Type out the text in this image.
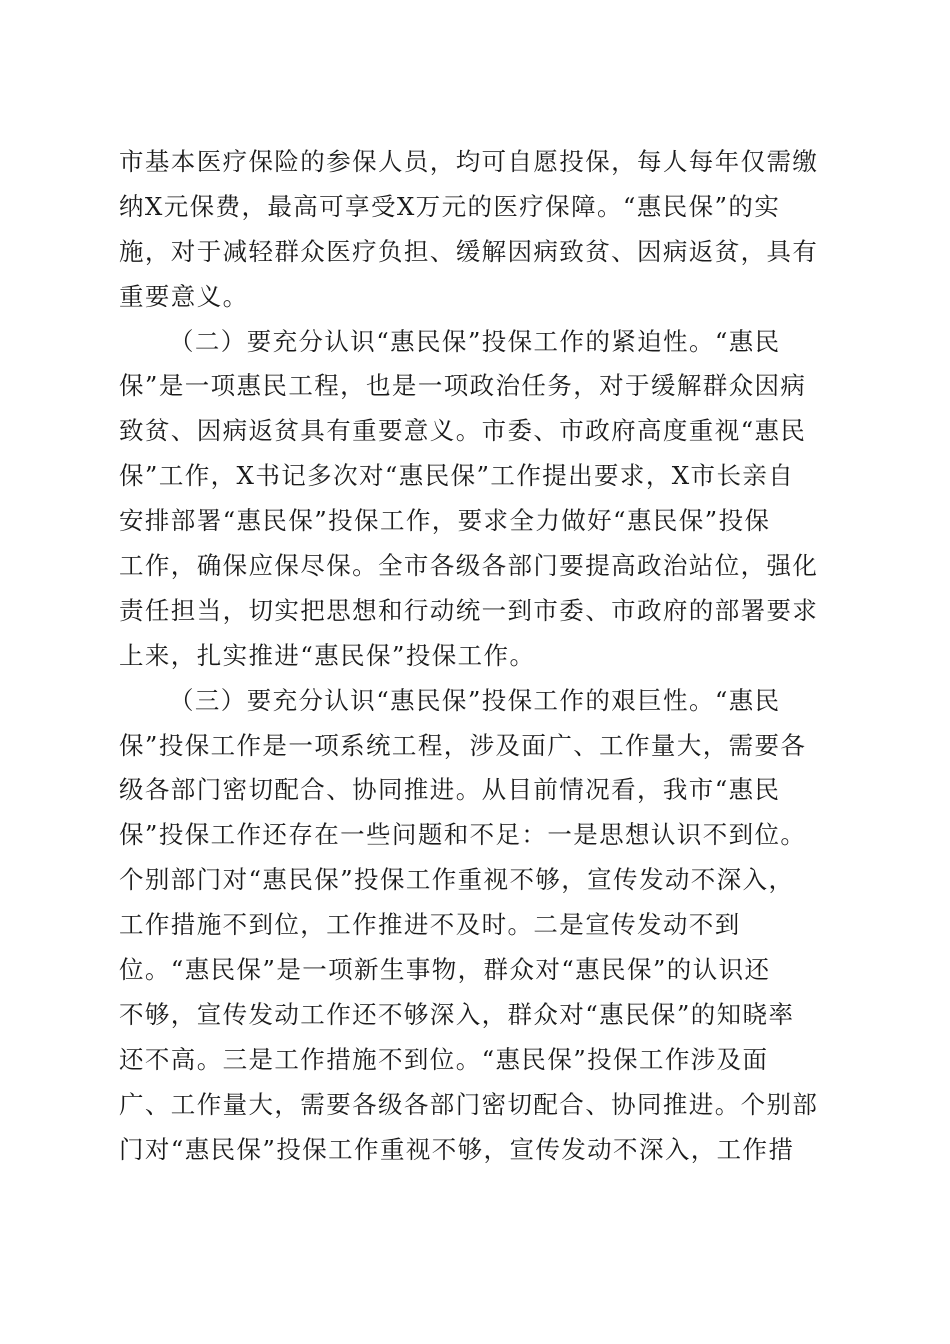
市基本医疗保险的参保人员，均可自愿投保，每人每年仅需缴
纳X元保费，最高可享受X万元的医疗保障。“惠民保”的实
施，对于减轻群众医疗负担、缓解因病致贫、因病返贫，具有
重要意义。
（二）要充分认识“惠民保”投保工作的紧迫性。“惠民
保”是一项惠民工程，也是一项政治任务，对于缓解群众因病
致贫、因病返贫具有重要意义。市委、市政府高度重视“惠民
保”工作，X书记多次对“惠民保”工作提出要求，X市长亲自
安排部署“惠民保”投保工作，要求全力做好“惠民保”投保
工作，确保应保尽保。全市各级各部门要提高政治站位，强化
责任担当，切实把思想和行动统一到市委、市政府的部署要求
上来，扎实推进“惠民保”投保工作。
（三）要充分认识“惠民保”投保工作的艰巨性。“惠民
保”投保工作是一项系统工程，涉及面广、工作量大，需要各
级各部门密切配合、协同推进。从目前情况看，我市“惠民
保”投保工作还存在一些问题和不足：一是思想认识不到位。
个别部门对“惠民保”投保工作重视不够，宣传发动不深入，
工作措施不到位，工作推进不及时。二是宣传发动不到
位。“惠民保”是一项新生事物，群众对“惠民保”的认识还
不够，宣传发动工作还不够深入，群众对“惠民保”的知晓率
还不高。三是工作措施不到位。“惠民保”投保工作涉及面
广、工作量大，需要各级各部门密切配合、协同推进。个别部
门对“惠民保”投保工作重视不够，宣传发动不深入，工作措
